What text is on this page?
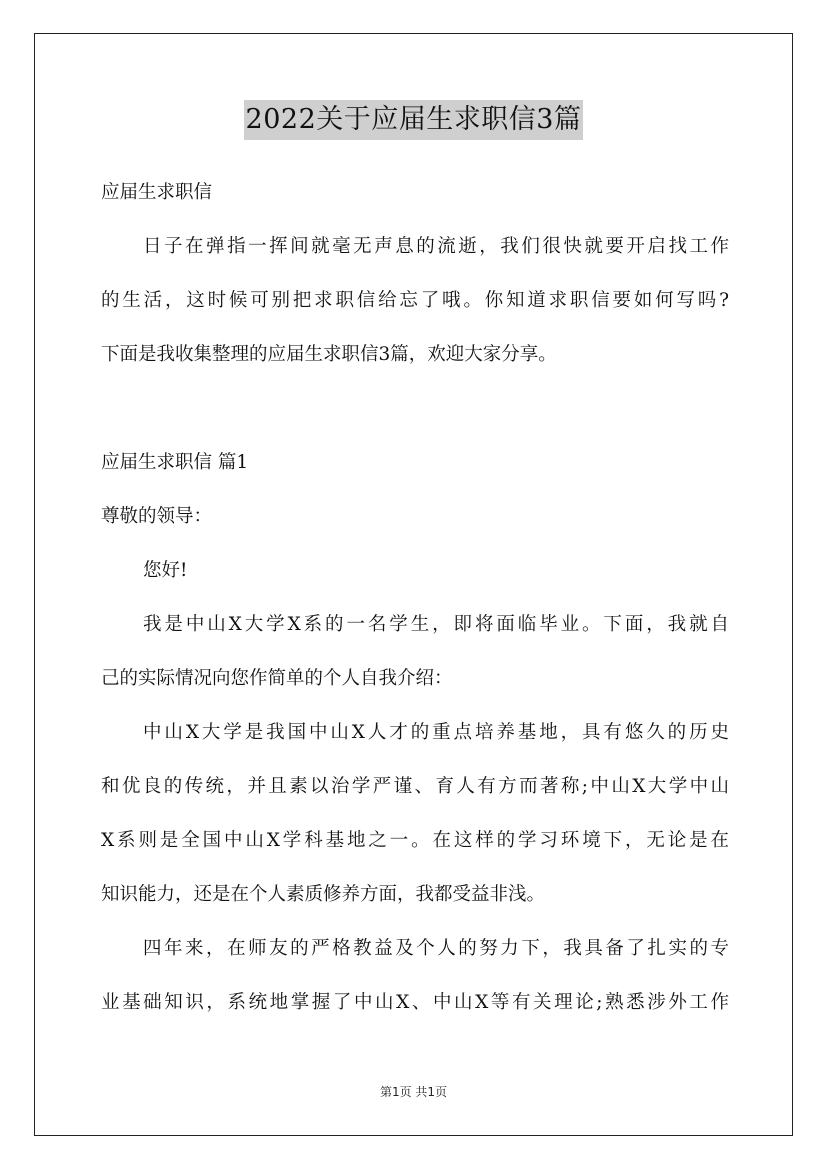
2022关于应届生求职信3篇
应届生求职信
日子在弹指一挥间就毫无声息的流逝，我们很快就要开启找工作
的生活，这时候可别把求职信给忘了哦。你知道求职信要如何写吗?
下面是我收集整理的应届生求职信3篇，欢迎大家分享。
应届生求职信 篇1
尊敬的领导：
您好!
我是中山X大学X系的一名学生，即将面临毕业。下面，我就自
己的实际情况向您作简单的个人自我介绍：
中山X大学是我国中山X人才的重点培养基地，具有悠久的历史
和优良的传统，并且素以治学严谨、育人有方而著称;中山X大学中山
X系则是全国中山X学科基地之一。在这样的学习环境下，无论是在
知识能力，还是在个人素质修养方面，我都受益非浅。
四年来，在师友的严格教益及个人的努力下，我具备了扎实的专
业基础知识，系统地掌握了中山X、中山X等有关理论;熟悉涉外工作
第1页 共1页
